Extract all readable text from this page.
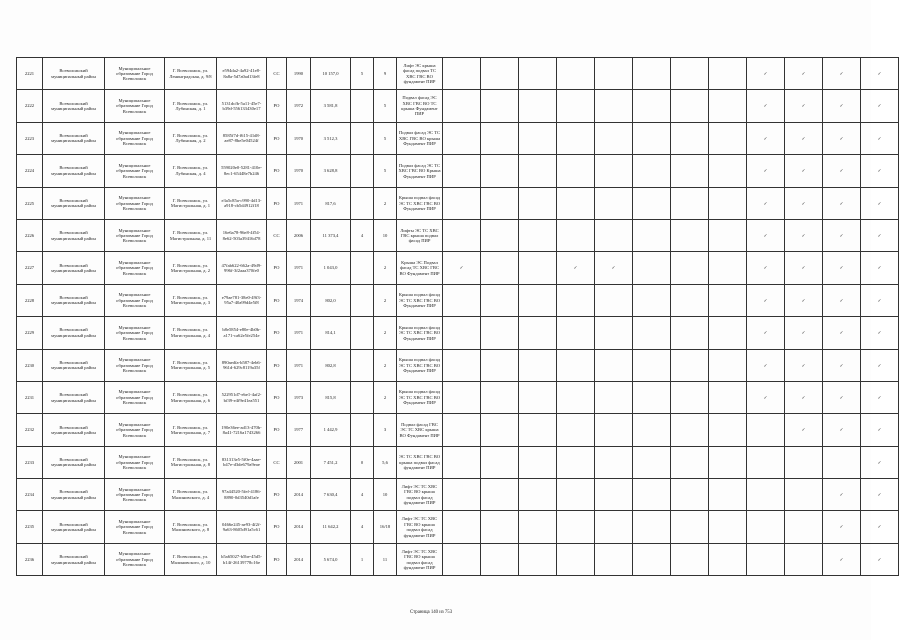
2221	Всеволожский муниципальный район	Муниципальное образование Город Всеволожск	Г. Всеволожск, ул. Ленинградская, д. 9/8	e594da2-4a92-41e8-8a8a-5d7a0ad13fe8	СС	1990	10 157,0	5	9	Лифт ЭС крыша фасад подвал ТС ХВС ГВС ВО фундамент ПИР									✓	✓	✓	✓
2222	Всеволожский муниципальный район	Муниципальное образование Город Всеволожск	Г. Всеволожск, ул. Лубинская, д. 1	5131dcfb-5a11-45e7-b39d-556133430e17	РО	1972	3 581,8		5	Подвал фасад ЭС ХВС ГВС ВО ТС крыша Фундамент ПИР									✓	✓	✓	✓
2223	Всеволожский муниципальный район	Муниципальное образование Город Всеволожск	Г. Всеволожск, ул. Лубинская, д. 2	8585f7d-f615-41d8-ae87-8be5e04524f	РО	1970	3 512,3		5	Подвал фасад ЭС ТС ХВС ГВС ВО крыша Фундамент ПИР									✓	✓	✓	✓
2224	Всеволожский муниципальный район	Муниципальное образование Город Всеволожск	Г. Всеволожск, ул. Лубинская, д. 4	559020e0-5281-410e-8ec1-65448e7b246	РО	1970	3 628,8		5	Подвал фасад ЭС ТС ХВС ГВС ВО Крыша Фундамент ПИР									✓	✓	✓	✓
2225	Всеволожский муниципальный район	Муниципальное образование Город Всеволожск	Г. Всеволожск, ул. Магистральная, д. 1	e3a5c85a-c990-4d13-a918-cb5d4912f18	РО	1971	817,6		2	Крыша подвал фасад ЭС ТС ХВС ГВС ВО Фундамент ПИР									✓	✓	✓	✓
2226	Всеволожский муниципальный район	Муниципальное образование Город Всеволожск	Г. Всеволожск, ул. Магистральная, д. 11	16e6a78-96e8-4f54-8e62-503a39416d78	СС	2006	11 373,4	4	10	Лифты ЭС ТС ХВС ГВС крыша подвал фасад ПИР									✓	✓	✓	✓
2227	Всеволожский муниципальный район	Муниципальное образование Город Всеволожск	Г. Всеволожск, ул. Магистральная, д. 2	47fab622-662a-49d9-996f-3f2aaa370fe0	РО	1971	1 043,0		2	Крыша ЭС Подвал фасад ТС ХВС ГВС ВО Фундамент ПИР	✓			✓	✓				✓	✓	✓	✓
2228	Всеволожский муниципальный район	Муниципальное образование Город Всеволожск	Г. Всеволожск, ул. Магистральная, д. 3	e79ae781-38e0-49f3-95a7-40a99d4e5f8	РО	1974	802,0		2	Крыша подвал фасад ЭС ТС ХВС ГВС ВО Фундамент ПИР									✓	✓	✓	✓
2229	Всеволожский муниципальный район	Муниципальное образование Город Всеволожск	Г. Всеволожск, ул. Магистральная, д. 4	b8e5854-e80e-4b0b-a171-ca62e5fe254e	РО	1971	814,1		2	Крыша подвал фасад ЭС ТС ХВС ГВС ВО Фундамент ПИР									✓	✓	✓	✓
2230	Всеволожский муниципальный район	Муниципальное образование Город Всеволожск	Г. Всеволожск, ул. Магистральная, д. 5	890aedfa-b587-4eb6-961d-629c8119a35f	РО	1971	802,8		2	Крыша подвал фасад ЭС ТС ХВС ГВС ВО Фундамент ПИР									✓	✓	✓	✓
2231	Всеволожский муниципальный район	Муниципальное образование Город Всеволожск	Г. Всеволожск, ул. Магистральная, д. 6	522951d7-ebe1-4af2-bf39-e4f9e41ea551	РО	1973	815,8		2	Крыша подвал фасад ЭС ТС ХВС ГВС ВО Фундамент ПИР									✓	✓	✓	✓
2232	Всеволожский муниципальный район	Муниципальное образование Город Всеволожск	Г. Всеволожск, ул. Магистральная, д. 7	190e36ee-ad13-470b-8a41-7216a1743266	РО	1977	1 442,9		3	Подвал фасад ГВС ЭС ТС ХВС крыша ВО Фундамент ПИР										✓	✓	✓
2233	Всеволожский муниципальный район	Муниципальное образование Город Всеволожск	Г. Всеволожск, ул. Магистральная, д. 8	831313e5-5f0e-4aae-b47e-d3de679a9eae	СС	2001	7 451,2	0	5,6	ЭС ТС ХВС ГВС ВО крыша подвал фасад фундамент ПИР												✓
2234	Всеволожский муниципальный район	Муниципальное образование Город Всеволожск	Г. Всеволожск, ул. Малиновского, д. 4	97a44520-5fef-4186-8890-0d3540d1afe	РО	2014	7 630,4	4	10	Лифт ЭС ТС ХВС ГВС ВО крыша подвал фасад фундамент ПИР											✓	✓
2235	Всеволожский муниципальный район	Муниципальное образование Город Всеволожск	Г. Всеволожск, ул. Малиновского, д. 8	0466e245-ae93-4f2f-9a63-8605d91a5c61	РО	2014	11 642,2	4	16/18	Лифт ЭС ТС ХВС ГВС ВО крыша подвал фасад фундамент ПИР											✓	✓
2236	Всеволожский муниципальный район	Муниципальное образование Город Всеволожск	Г. Всеволожск, ул. Малиновского, д. 10	b5a65027-b5be-45d5-b14f-26139778c16e	РО	2014	5 674,0	1	11	Лифт ЭС ТС ХВС ГВС ВО крыша подвал фасад фундамент ПИР											✓	✓
Страница 140 из 753
